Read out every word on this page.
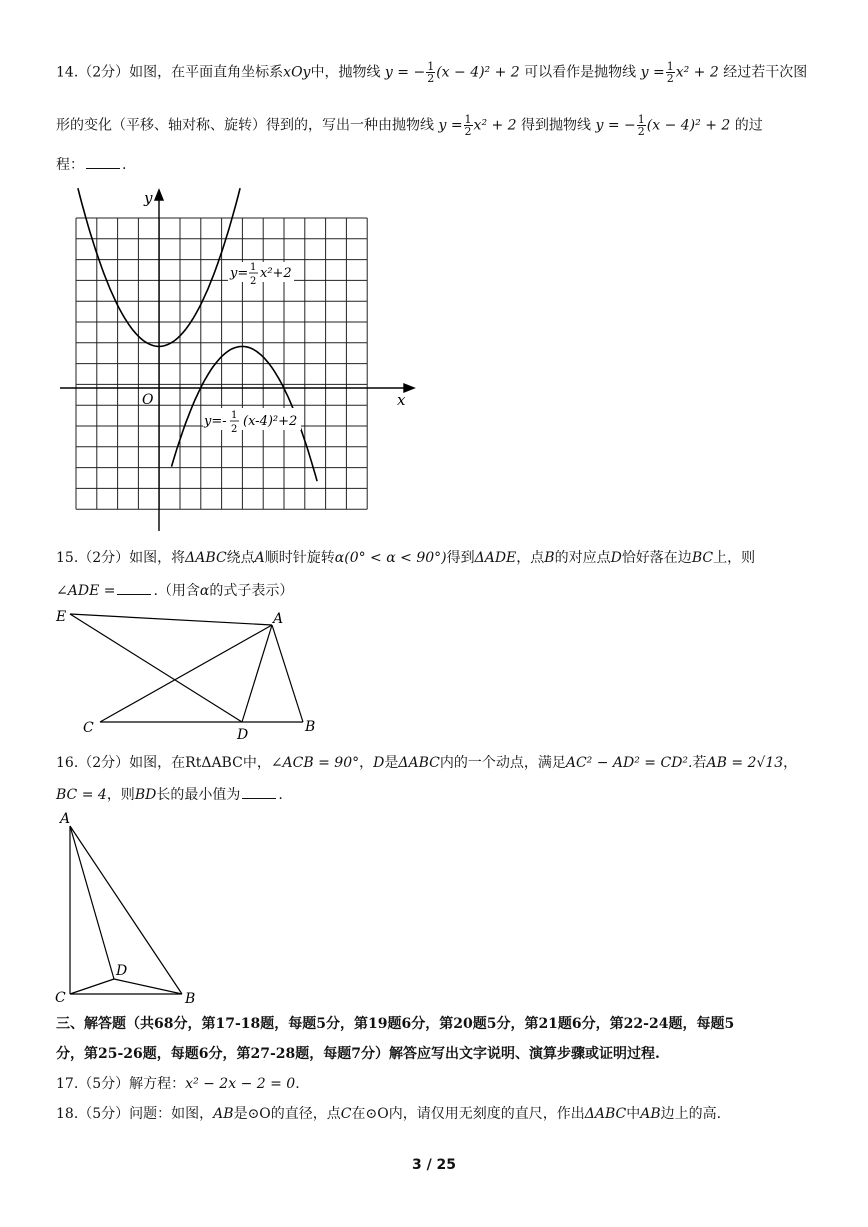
14.（2分）如图，在平面直角坐标系xOy中，抛物线 y = − $\frac{1}{2} (x - 4)^2 + 2$ 可以看作是抛物线 $y = \frac{1}{2} x^2 + 2$ 经过若干次图
形的变化（平移、轴对称、旋转）得到的，写出一种由抛物线 $y = \frac{1}{2} x^2 + 2$ 得到抛物线 y = − $\frac{1}{2} (x - 4)^2 + 2$ 的过
程：	.
x
y
O
y= 1
2
x²+2
y=- 1
2
(x-4)²+2
15.（2分）如图，将ΔABC绕点A顺时针旋转α(0° < α < 90°)得到ΔADE，点B的对应点D恰好落在边BC上，则
∠ADE =	.（用含α的式子表示）
E	A
C	D	B
16.（2分）如图，在RtΔABC中，∠ACB = 90°，D是ΔABC内的一个动点，满足AC² − AD² = CD².若AB = 2√13，
BC = 4，则BD长的最小值为	.
A
D
C	B
三、解答题（共68分，第17-18题，每题5分，第19题6分，第20题5分，第21题6分，第22-24题，每题5
分，第25-26题，每题6分，第27-28题，每题7分）解答应写出文字说明、演算步骤或证明过程.
17.（5分）解方程：x² − 2x − 2 = 0.
18.（5分）问题：如图，AB是⊙O的直径，点C在⊙O内，请仅用无刻度的直尺，作出ΔABC中AB边上的高.
3 / 25
